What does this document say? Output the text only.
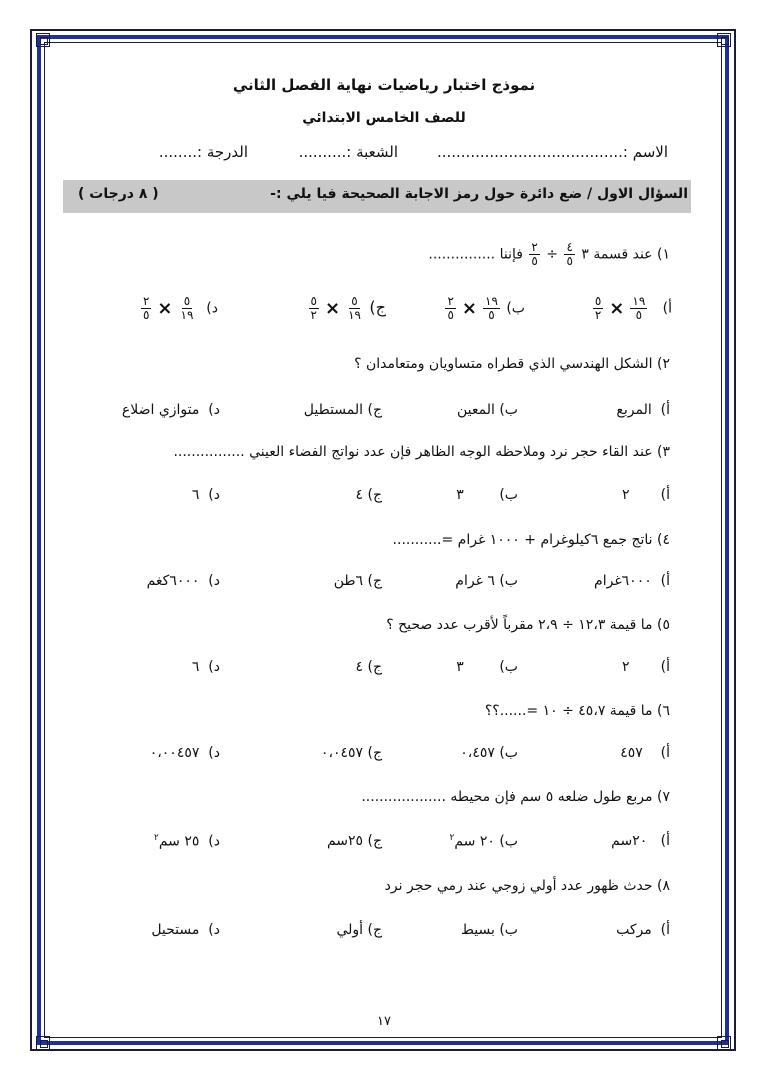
نموذج اختبار رياضيات نهاية الفصل الثاني
للصف الخامس الابتدائي
الاسم :.......................................
الشعبة :..........
الدرجة :........
السؤال الاول / ضع دائرة حول رمز الاجابة الصحيحة فيا يلي :-
( ٨ درجات )
١) عند قسمة ٣
$\frac{٤}{٥}$
÷
$\frac{٢}{٥}$
فإننا ...............
أ)
$\frac{١٩}{٥}$
×
$\frac{٥}{٢}$
ب)
$\frac{١٩}{٥}$
×
$\frac{٢}{٥}$
ج)
$\frac{٥}{١٩}$
×
$\frac{٥}{٢}$
د)
$\frac{٥}{١٩}$
×
$\frac{٢}{٥}$
٢) الشكل الهندسي الذي قطراه متساويان ومتعامدان ؟
أ)  المربع
ب) المعين
ج) المستطيل
د)  متوازي اضلاع
٣) عند القاء حجر نرد وملاحظه الوجه الظاهر فإن عدد نواتج الفضاء العيني ................
أ)       ٢
ب)        ٣
ج) ٤
د)  ٦
٤) ناتج جمع ٦كيلوغرام + ١٠٠٠ غرام =...........
أ)  ٦٠٠٠غرام
ب) ٦ غرام
ج) ٦طن
د)  ٦٠٠٠كغم
٥) ما قيمة ١٢،٣ ÷ ٢،٩ مقرباً لأقرب عدد صحيح ؟
أ)       ٢
ب)        ٣
ج) ٤
د)  ٦
٦) ما قيمة ٤٥،٧ ÷ ١٠ =......؟؟
أ)    ٤٥٧
ب) ٠،٤٥٧
ج) ٠،٠٤٥٧
د)  ٠،٠٠٤٥٧
٧) مربع طول ضلعه ٥ سم فإن محيطه ...................
أ)   ٢٠سم
ب) ٢٠ سم$^٢$
ج) ٢٥سم
د)  ٢٥ سم$^٢$
٨) حدث ظهور عدد أولي زوجي عند رمي حجر نرد
أ)  مركب
ب) بسيط
ج) أولي
د)  مستحيل
١٧
